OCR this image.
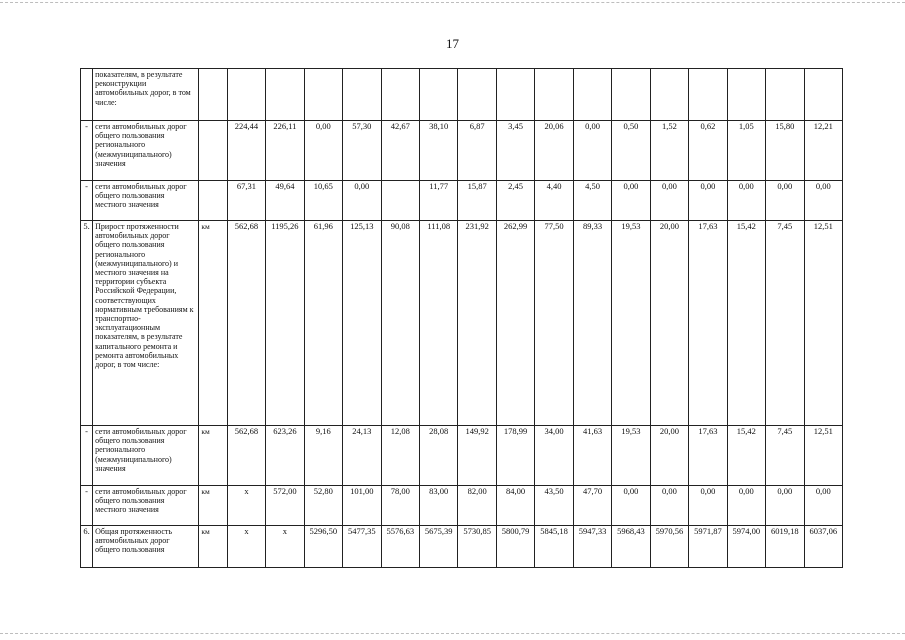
17
	показателям, в результате реконструкции автомобильных дорог, в том числе:																	
-	сети автомобильных дорог общего пользования регионального (межмуниципального) значения		224,44	226,11	0,00	57,30	42,67	38,10	6,87	3,45	20,06	0,00	0,50	1,52	0,62	1,05	15,80	12,21
-	сети автомобильных дорог общего пользования местного значения		67,31	49,64	10,65	0,00		11,77	15,87	2,45	4,40	4,50	0,00	0,00	0,00	0,00	0,00	0,00
5.	Прирост протяженности автомобильных дорог общего пользования регионального (межмуниципального) и местного значения на территории субъекта Российской Федерации, соответствующих нормативным требованиям к транспортно-эксплуатационным показателям, в результате капитального ремонта и ремонта автомобильных дорог, в том числе:	км	562,68	1195,26	61,96	125,13	90,08	111,08	231,92	262,99	77,50	89,33	19,53	20,00	17,63	15,42	7,45	12,51
-	сети автомобильных дорог общего пользования регионального (межмуниципального) значения	км	562,68	623,26	9,16	24,13	12,08	28,08	149,92	178,99	34,00	41,63	19,53	20,00	17,63	15,42	7,45	12,51
-	сети автомобильных дорог общего пользования местного значения	км	x	572,00	52,80	101,00	78,00	83,00	82,00	84,00	43,50	47,70	0,00	0,00	0,00	0,00	0,00	0,00
6.	Общая протяженность автомобильных дорог общего пользования	км	x	x	5296,50	5477,35	5576,63	5675,39	5730,85	5800,79	5845,18	5947,33	5968,43	5970,56	5971,87	5974,00	6019,18	6037,06
